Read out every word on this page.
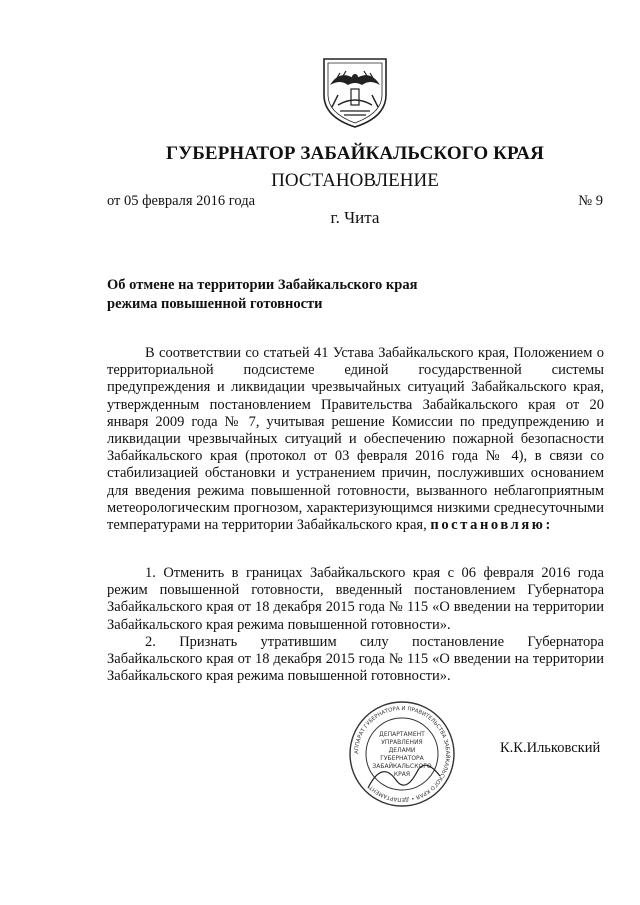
ГУБЕРНАТОР ЗАБАЙКАЛЬСКОГО КРАЯ
ПОСТАНОВЛЕНИЕ
от 05 февраля 2016 года	№ 9
г. Чита
Об отмене на территории Забайкальского края
режима повышенной готовности

В соответствии со статьей 41 Устава Забайкальского края, Положением о территориальной подсистеме единой государственной системы предупреждения и ликвидации чрезвычайных ситуаций Забайкальского края, утвержденным постановлением Правительства Забайкальского края от 20 января 2009 года № 7, учитывая решение Комиссии по предупреждению и ликвидации чрезвычайных ситуаций и обеспечению пожарной безопасности Забайкальского края (протокол от 03 февраля 2016 года № 4), в связи со стабилизацией обстановки и устранением причин, послуживших основанием для введения режима повышенной готовности, вызванного неблагоприятным метеорологическим прогнозом, характеризующимся низкими среднесуточными температурами на территории Забайкальского края, постановляю:

1. Отменить в границах Забайкальского края с 06 февраля 2016 года режим повышенной готовности, введенный постановлением Губернатора Забайкальского края от 18 декабря 2015 года № 115 «О введении на территории Забайкальского края режима повышенной готовности».

2. Признать утратившим силу постановление Губернатора Забайкальского края от 18 декабря 2015 года № 115 «О введении на территории Забайкальского края режима повышенной готовности».

АППАРАТ ГУБЕРНАТОРА И ПРАВИТЕЛЬСТВА ЗАБАЙКАЛЬСКОГО КРАЯ • ДЕПАРТАМЕНТ
ДЕПАРТАМЕНТ
УПРАВЛЕНИЯ
ДЕЛАМИ
ГУБЕРНАТОРА
ЗАБАЙКАЛЬСКОГО
КРАЯ
К.К.Ильковский
